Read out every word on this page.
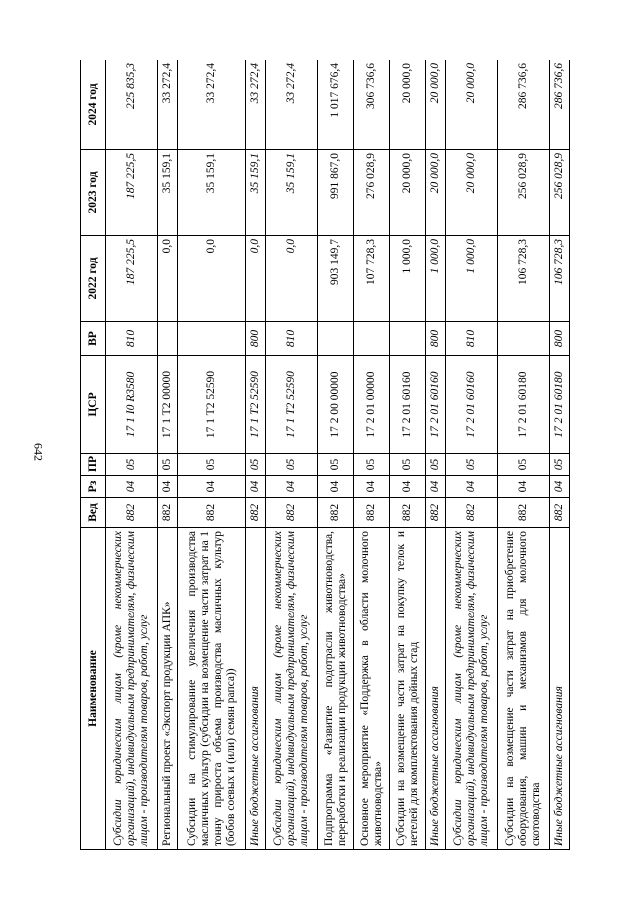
642
Наименование	Вед	Рз	ПР	ЦСР	ВР	2022 год	2023 год	2024 год
Субсидии юридическим лицам (кроме некоммерческих организаций), индивидуальным предпринимателям, физическим лицам - производителям товаров, работ, услуг	882	04	05	17 1 I0 R3580	810	187 225,5	187 225,5	225 835,3
Региональный проект «Экспорт продукции АПК»	882	04	05	17 1 T2 00000		0,0	35 159,1	33 272,4
Субсидии на стимулирование увеличения производства масличных культур (субсидии на возмещение части затрат на 1 тонну прироста объема производства масличных культур (бобов соевых и (или) семян рапса))	882	04	05	17 1 T2 52590		0,0	35 159,1	33 272,4
Иные бюджетные ассигнования	882	04	05	17 1 T2 52590	800	0,0	35 159,1	33 272,4
Субсидии юридическим лицам (кроме некоммерческих организаций), индивидуальным предпринимателям, физическим лицам - производителям товаров, работ, услуг	882	04	05	17 1 T2 52590	810	0,0	35 159,1	33 272,4
Подпрограмма «Развитие подотрасли животноводства, переработки и реализации продукции животноводства»	882	04	05	17 2 00 00000		903 149,7	991 867,0	1 017 676,4
Основное мероприятие «Поддержка в области молочного животноводства»	882	04	05	17 2 01 00000		107 728,3	276 028,9	306 736,6
Субсидии на возмещение части затрат на покупку телок и нетелей для комплектования дойных стад	882	04	05	17 2 01 60160		1 000,0	20 000,0	20 000,0
Иные бюджетные ассигнования	882	04	05	17 2 01 60160	800	1 000,0	20 000,0	20 000,0
Субсидии юридическим лицам (кроме некоммерческих организаций), индивидуальным предпринимателям, физическим лицам - производителям товаров, работ, услуг	882	04	05	17 2 01 60160	810	1 000,0	20 000,0	20 000,0
Субсидии на возмещение части затрат на приобретение оборудования, машин и механизмов для молочного скотоводства	882	04	05	17 2 01 60180		106 728,3	256 028,9	286 736,6
Иные бюджетные ассигнования	882	04	05	17 2 01 60180	800	106 728,3	256 028,9	286 736,6
